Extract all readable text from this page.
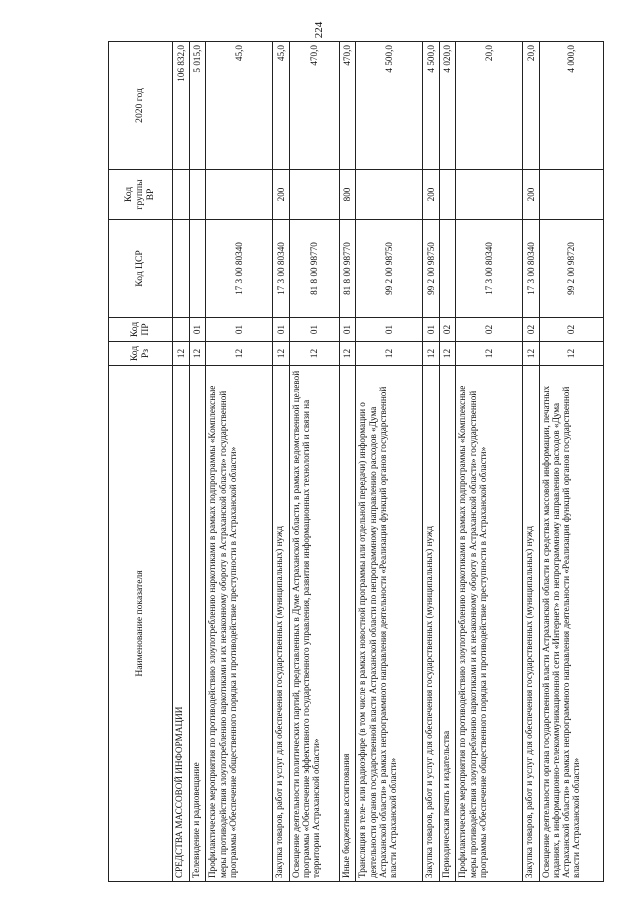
224
Наименование показателя	Код Рз	Код ПР	Код ЦСР	Код группы ВР	2020 год
СРЕДСТВА МАССОВОЙ ИНФОРМАЦИИ	12				106 832,0
Телевидение и радиовещание	12	01			5 015,0
Профилактические мероприятия по противодействию злоупотреблению наркотиками в рамках подпрограммы «Комплексные меры противодействия злоупотреблению наркотиками и их незаконному обороту в Астраханской области» государственной программы «Обеспечение общественного порядка и противодействие преступности в Астраханской области»	12	01	17 3 00 80340		45,0
Закупка товаров, работ и услуг для обеспечения государственных (муниципальных) нужд	12	01	17 3 00 80340	200	45,0
Освещение деятельности политических партий, представленных в Думе Астраханской области, в рамках ведомственной целевой программы «Обеспечение эффективного государственного управления, развития информационных технологий и связи на территории Астраханской области»	12	01	81 8 00 98770		470,0
Иные бюджетные ассигнования	12	01	81 8 00 98770	800	470,0
Трансляция в теле- или радиоэфире (в том числе в рамках новостной программы или отдельной передачи) информации о деятельности органов государственной власти Астраханской области по непрограммному направлению расходов «Дума Астраханской области» в рамках непрограммного направления деятельности «Реализация функций органов государственной власти Астраханской области»	12	01	99 2 00 98750		4 500,0
Закупка товаров, работ и услуг для обеспечения государственных (муниципальных) нужд	12	01	99 2 00 98750	200	4 500,0
Периодическая печать и издательства	12	02			4 020,0
Профилактические мероприятия по противодействию злоупотреблению наркотиками в рамках подпрограммы «Комплексные меры противодействия злоупотреблению наркотиками и их незаконному обороту в Астраханской области» государственной программы «Обеспечение общественного порядка и противодействие преступности в Астраханской области»	12	02	17 3 00 80340		20,0
Закупка товаров, работ и услуг для обеспечения государственных (муниципальных) нужд	12	02	17 3 00 80340	200	20,0
Освещение деятельности органа государственной власти Астраханской области в средствах массовой информации, печатных изданиях, в информационно-телекоммуникационной сети «Интернет» по непрограммному направлению расходов «Дума Астраханской области» в рамках непрограммного направления деятельности «Реализация функций органов государственной власти Астраханской области»	12	02	99 2 00 98720		4 000,0
